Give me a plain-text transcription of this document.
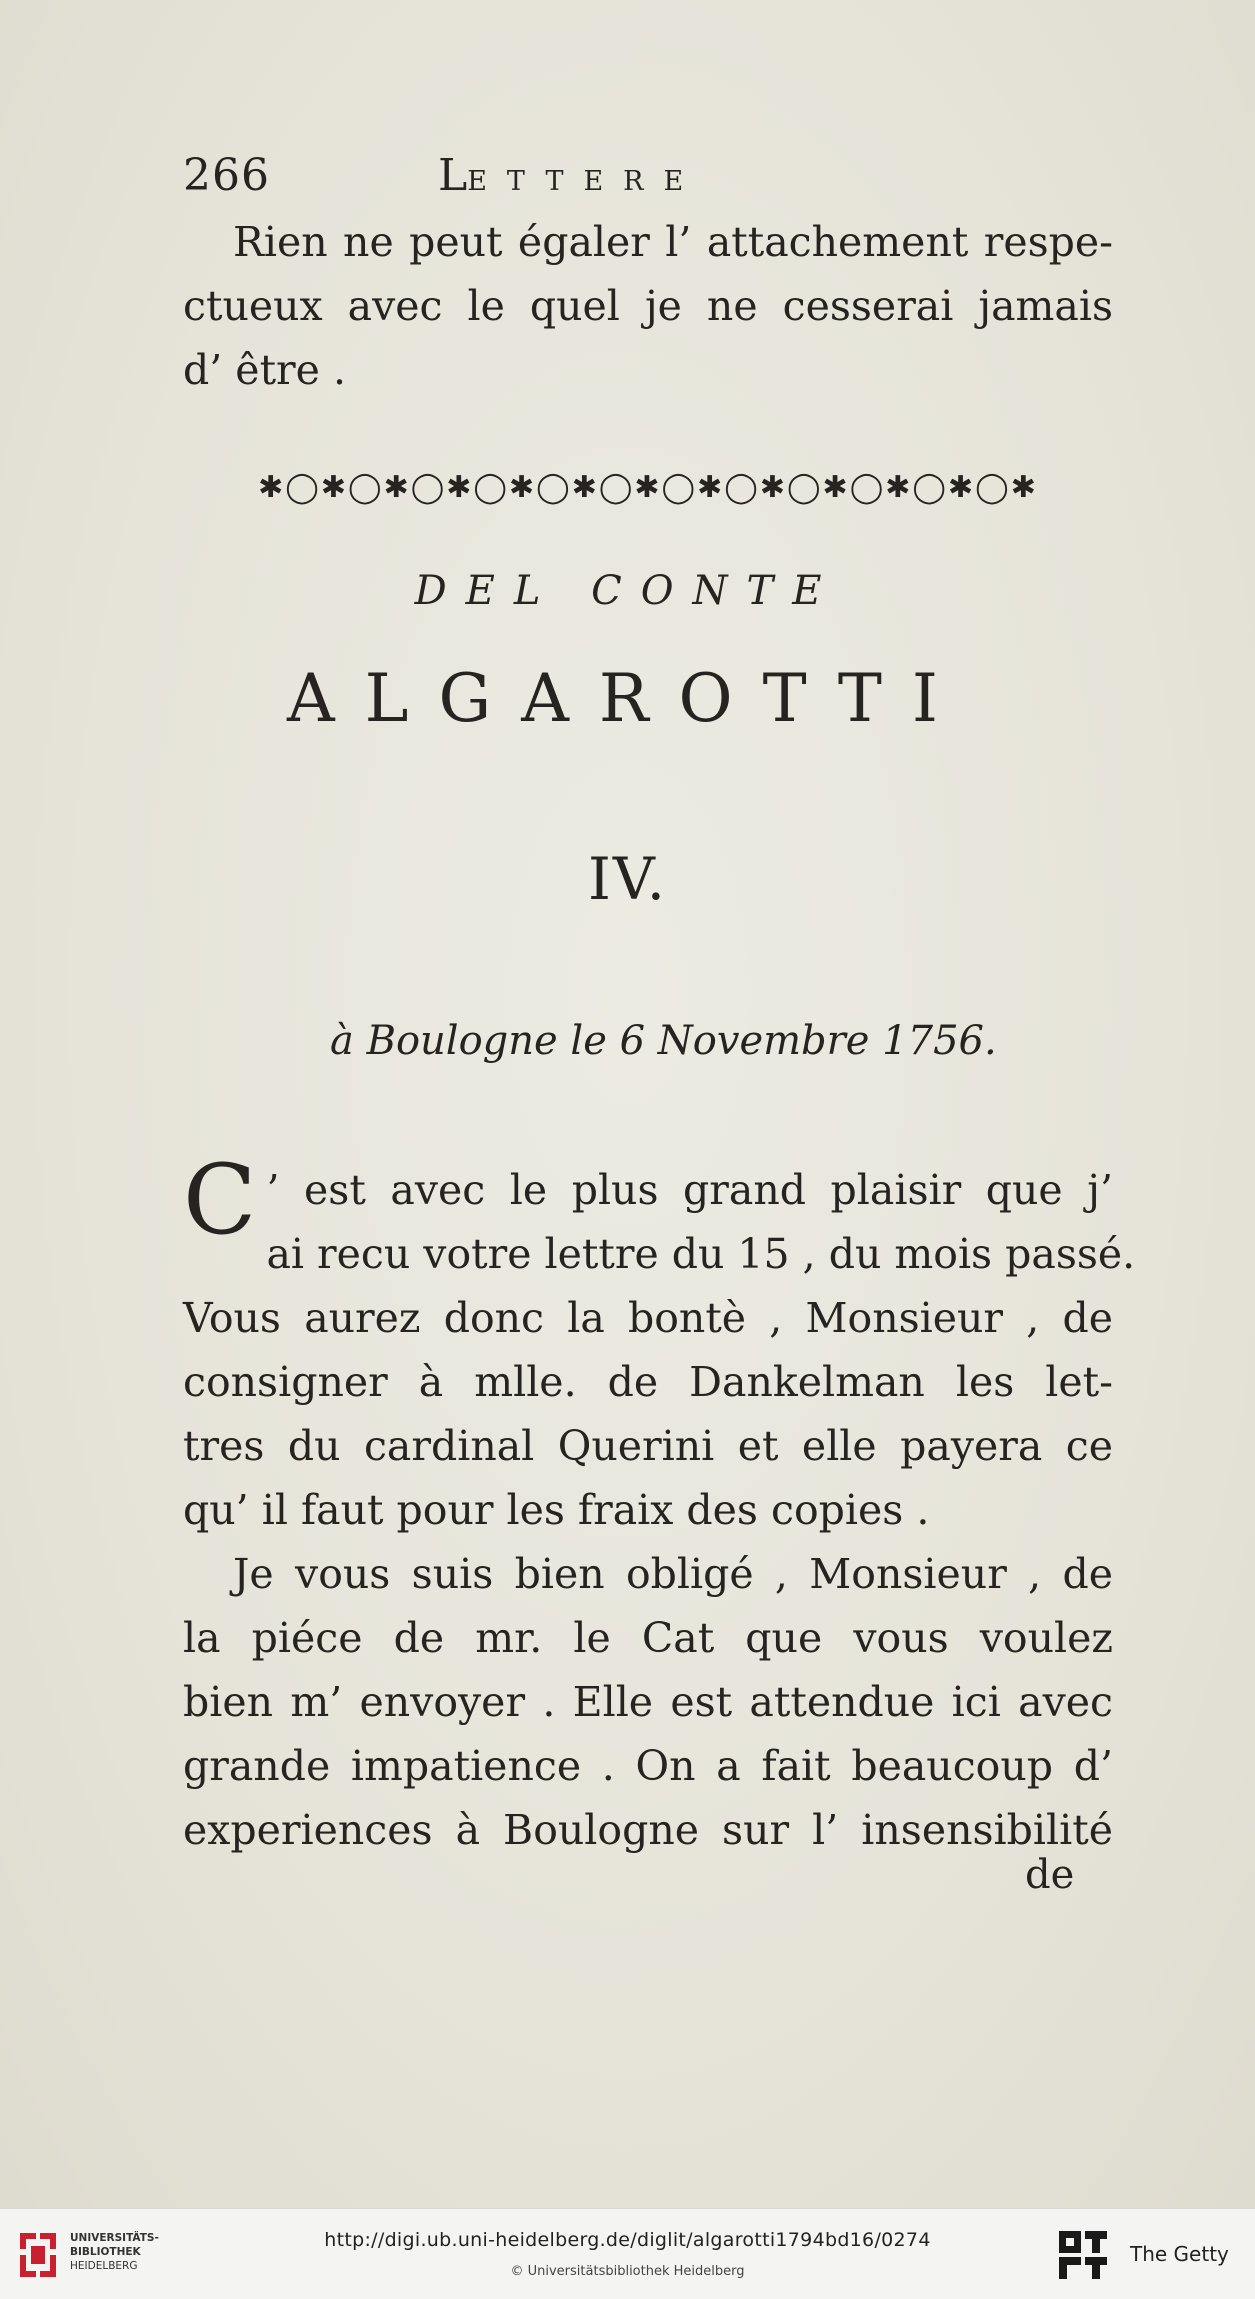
266	LETTERE
Rien ne peut égaler l’ attachement respe-
ctueux avec le quel je ne cesserai jamais
d’ être .
✱◯✱◯✱◯✱◯✱◯✱◯✱◯✱◯✱◯✱◯✱◯✱◯✱
DEL CONTE
ALGAROTTI
IV.
à Boulogne le 6 Novembre 1756.
C ’ est avec le plus grand plaisir que j’
ai recu votre lettre du 15 , du mois passé.
Vous aurez donc la bontè , Monsieur , de
consigner à mlle. de Dankelman les let-
tres du cardinal Querini et elle payera ce
qu’ il faut pour les fraix des copies .
Je vous suis bien obligé , Monsieur , de
la piéce de mr. le Cat que vous voulez
bien m’ envoyer . Elle est attendue ici avec
grande impatience . On a fait beaucoup d’
experiences à Boulogne sur l’ insensibilité
de
UNIVERSITÄTS-
BIBLIOTHEK
HEIDELBERG
http://digi.ub.uni-heidelberg.de/diglit/algarotti1794bd16/0274
© Universitätsbibliothek Heidelberg
The Getty
